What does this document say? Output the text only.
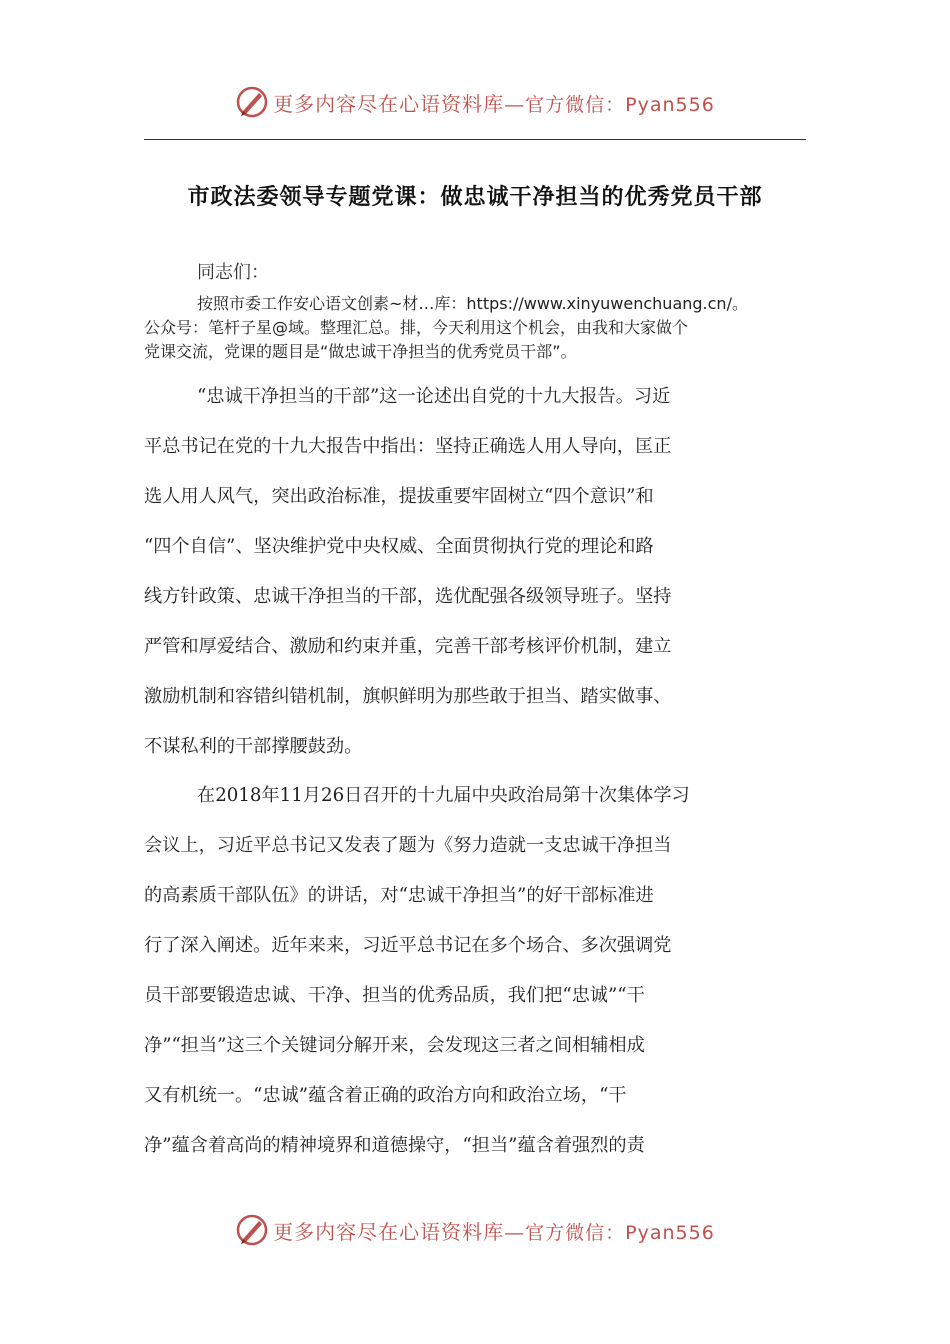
更多内容尽在心语资料库—官方微信：Pyan556
市政法委领导专题党课：做忠诚干净担当的优秀党员干部
同志们：
按照市委工作安心语文创素~材…库：https://www.xinyuwenchuang.cn/。
公众号：笔杆子星@域。整理汇总。排，今天利用这个机会，由我和大家做个
党课交流，党课的题目是“做忠诚干净担当的优秀党员干部”。
“忠诚干净担当的干部”这一论述出自党的十九大报告。习近
平总书记在党的十九大报告中指出：坚持正确选人用人导向，匡正
选人用人风气，突出政治标准，提拔重要牢固树立“四个意识”和
“四个自信”、坚决维护党中央权威、全面贯彻执行党的理论和路
线方针政策、忠诚干净担当的干部，选优配强各级领导班子。坚持
严管和厚爱结合、激励和约束并重，完善干部考核评价机制，建立
激励机制和容错纠错机制，旗帜鲜明为那些敢于担当、踏实做事、
不谋私利的干部撑腰鼓劲。
在2018年11月26日召开的十九届中央政治局第十次集体学习
会议上，习近平总书记又发表了题为《努力造就一支忠诚干净担当
的高素质干部队伍》的讲话，对“忠诚干净担当”的好干部标准进
行了深入阐述。近年来来，习近平总书记在多个场合、多次强调党
员干部要锻造忠诚、干净、担当的优秀品质，我们把“忠诚”“干
净”“担当”这三个关键词分解开来，会发现这三者之间相辅相成
又有机统一。“忠诚”蕴含着正确的政治方向和政治立场，“干
净”蕴含着高尚的精神境界和道德操守，“担当”蕴含着强烈的责
更多内容尽在心语资料库—官方微信：Pyan556
